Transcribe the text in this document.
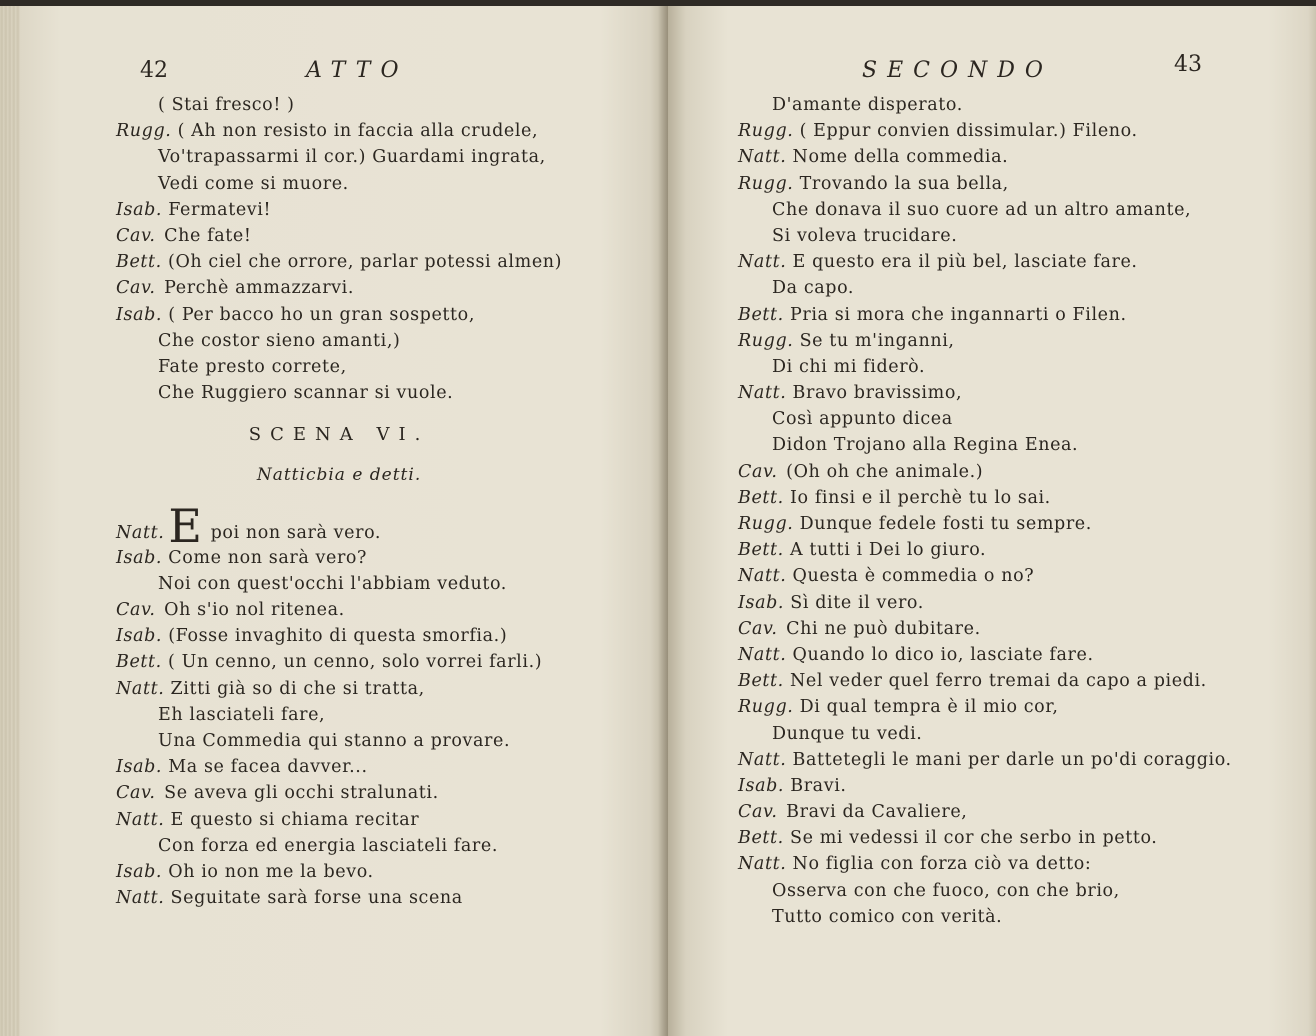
42	ATTO
( Stai fresco! )
Rugg. ( Ah non resisto in faccia alla crudele,
Vo'trapassarmi il cor.) Guardami ingrata,
Vedi come si muore.
Isab. Fermatevi!
Cav. Che fate!
Bett. (Oh ciel che orrore, parlar potessi almen)
Cav. Perchè ammazzarvi.
Isab. ( Per bacco ho un gran sospetto,
Che costor sieno amanti,)
Fate presto correte,
Che Ruggiero scannar si vuole.
SCENA VI.
Natticbia e detti.
Natt.E poi non sarà vero.
Isab. Come non sarà vero?
Noi con quest'occhi l'abbiam veduto.
Cav. Oh s'io nol ritenea.
Isab. (Fosse invaghito di questa smorfia.)
Bett. ( Un cenno, un cenno, solo vorrei farli.)
Natt. Zitti già so di che si tratta,
Eh lasciateli fare,
Una Commedia qui stanno a provare.
Isab. Ma se facea davver...
Cav. Se aveva gli occhi stralunati.
Natt. E questo si chiama recitar
Con forza ed energia lasciateli fare.
Isab. Oh io non me la bevo.
Natt. Seguitate sarà forse una scena
SECONDO	43
D'amante disperato.
Rugg. ( Eppur convien dissimular.) Fileno.
Natt. Nome della commedia.
Rugg. Trovando la sua bella,
Che donava il suo cuore ad un altro amante,
Si voleva trucidare.
Natt. E questo era il più bel, lasciate fare.
Da capo.
Bett. Pria si mora che ingannarti o Filen.
Rugg. Se tu m'inganni,
Di chi mi fiderò.
Natt. Bravo bravissimo,
Così appunto dicea
Didon Trojano alla Regina Enea.
Cav. (Oh oh che animale.)
Bett. Io finsi e il perchè tu lo sai.
Rugg. Dunque fedele fosti tu sempre.
Bett. A tutti i Dei lo giuro.
Natt. Questa è commedia o no?
Isab. Sì dite il vero.
Cav. Chi ne può dubitare.
Natt. Quando lo dico io, lasciate fare.
Bett. Nel veder quel ferro tremai da capo a piedi.
Rugg. Di qual tempra è il mio cor,
Dunque tu vedi.
Natt. Battetegli le mani per darle un po'di coraggio.
Isab. Bravi.
Cav. Bravi da Cavaliere,
Bett. Se mi vedessi il cor che serbo in petto.
Natt. No figlia con forza ciò va detto:
Osserva con che fuoco, con che brio,
Tutto comico con verità.
